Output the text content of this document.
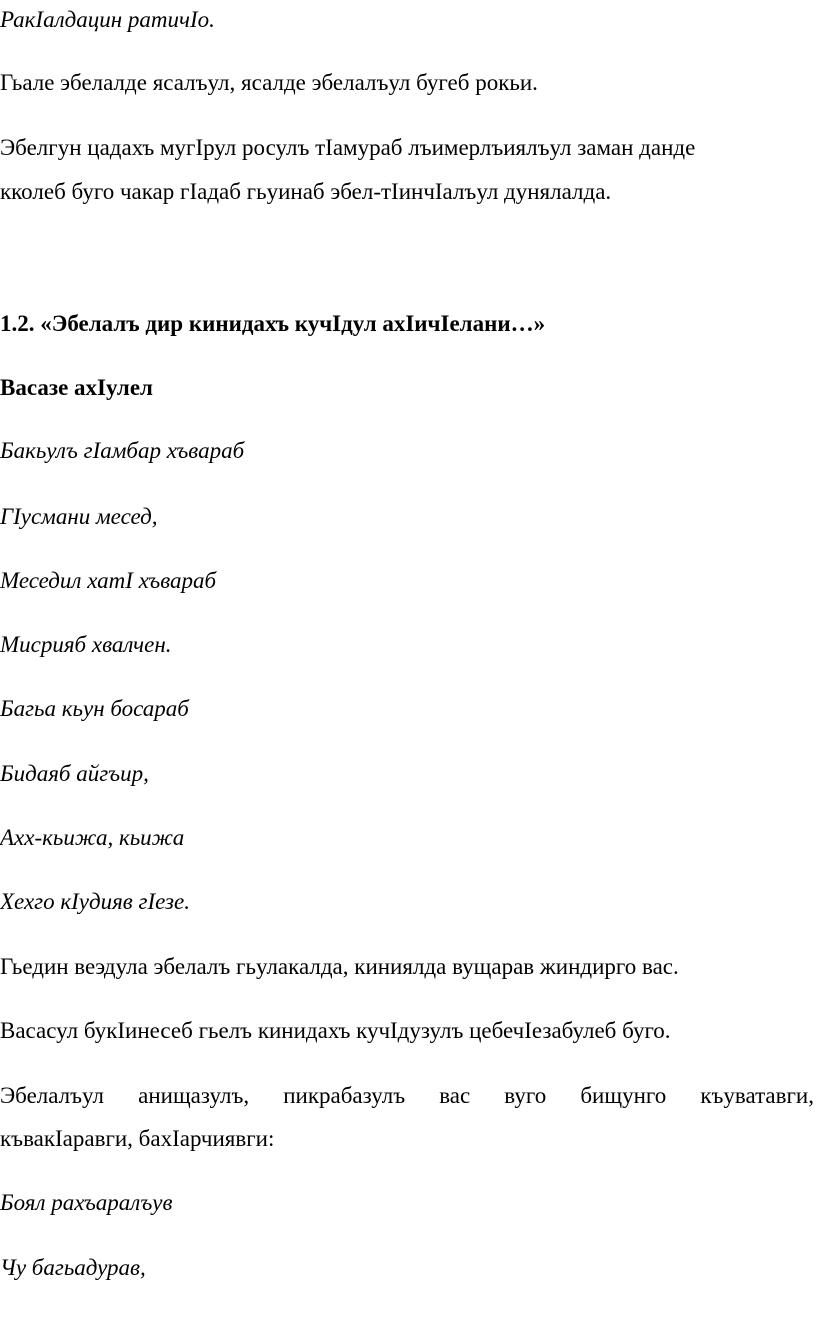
РакIалдацин ратичIо.
Гьале эбелалде ясалъул, ясалде эбелалъул бугеб рокьи.
Эбелгун цадахъ мугIрул росулъ тIамураб лъимерлъиялъул заман данде
кколеб буго чакар гIадаб гьуинаб эбел-тIинчIалъул дунялалда.
1.2. «Эбелалъ дир кинидахъ кучIдул ахIичIелани…»
Васазе ахIулел
Бакьулъ гIамбар хъвараб
ГIусмани месед,
Меседил хатI хъвараб
Мисрияб хвалчен.
Багьа кьун босараб
Бидаяб айгъир,
Ахх-кьижа, кьижа
Хехго кIудияв гIезе.
Гьедин веэдула эбелалъ гьулакалда, киниялда вущарав жиндирго вас.
Васасул букIинесеб гьелъ кинидахъ кучIдузулъ цебечIезабулеб буго.
Эбелалъул анищазулъ, пикрабазулъ вас вуго бищунго къуватавги,
къвакIаравги, бахIарчиявги:
Боял рахъаралъув
Чу багьадурав,
